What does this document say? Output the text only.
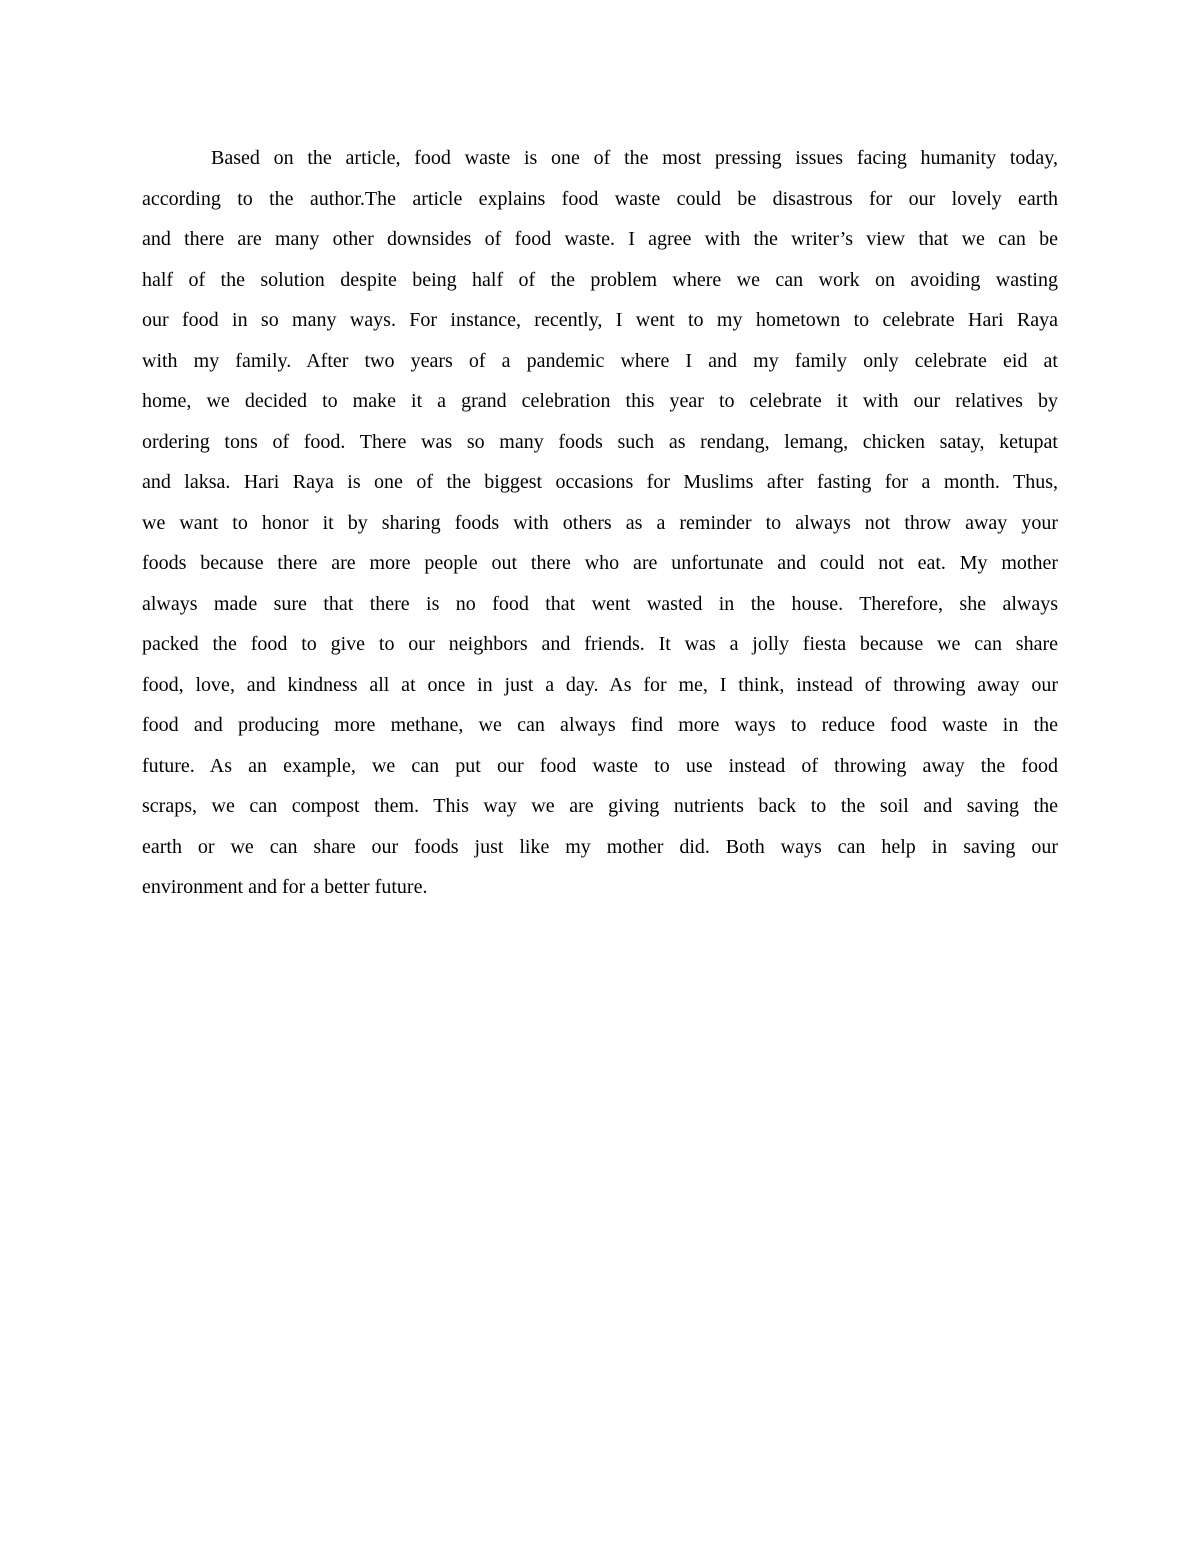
Based on the article, food waste is one of the most pressing issues facing humanity today,
according to the author.The article explains food waste could be disastrous for our lovely earth
and there are many other downsides of food waste. I agree with the writer’s view that we can be
half of the solution despite being half of the problem where we can work on avoiding wasting
our food in so many ways. For instance, recently, I went to my hometown to celebrate Hari Raya
with my family. After two years of a pandemic where I and my family only celebrate eid at
home, we decided to make it a grand celebration this year to celebrate it with our relatives by
ordering tons of food. There was so many foods such as rendang, lemang, chicken satay, ketupat
and laksa. Hari Raya is one of the biggest occasions for Muslims after fasting for a month. Thus,
we want to honor it by sharing foods with others as a reminder to always not throw away your
foods because there are more people out there who are unfortunate and could not eat. My mother
always made sure that there is no food that went wasted in the house. Therefore, she always
packed the food to give to our neighbors and friends. It was a jolly fiesta because we can share
food, love, and kindness all at once in just a day. As for me, I think, instead of throwing away our
food and producing more methane, we can always find more ways to reduce food waste in the
future. As an example, we can put our food waste to use instead of throwing away the food
scraps, we can compost them. This way we are giving nutrients back to the soil and saving the
earth or we can share our foods just like my mother did. Both ways can help in saving our
environment and for a better future.
